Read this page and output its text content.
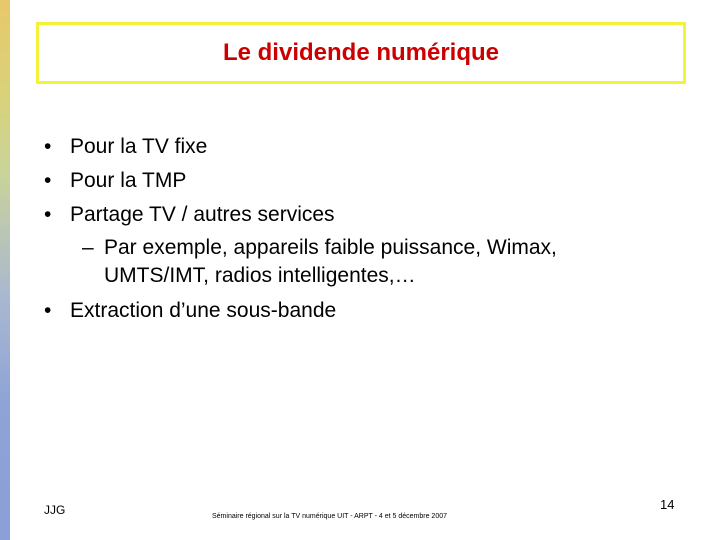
Le dividende numérique
• Pour la TV fixe
• Pour la TMP
• Partage TV / autres services
– Par exemple, appareils faible puissance, Wimax,
UMTS/IMT, radios intelligentes,…
• Extraction d’une sous-bande
JJG	Séminaire régional sur la TV numérique UIT - ARPT - 4 et 5 décembre 2007
14
